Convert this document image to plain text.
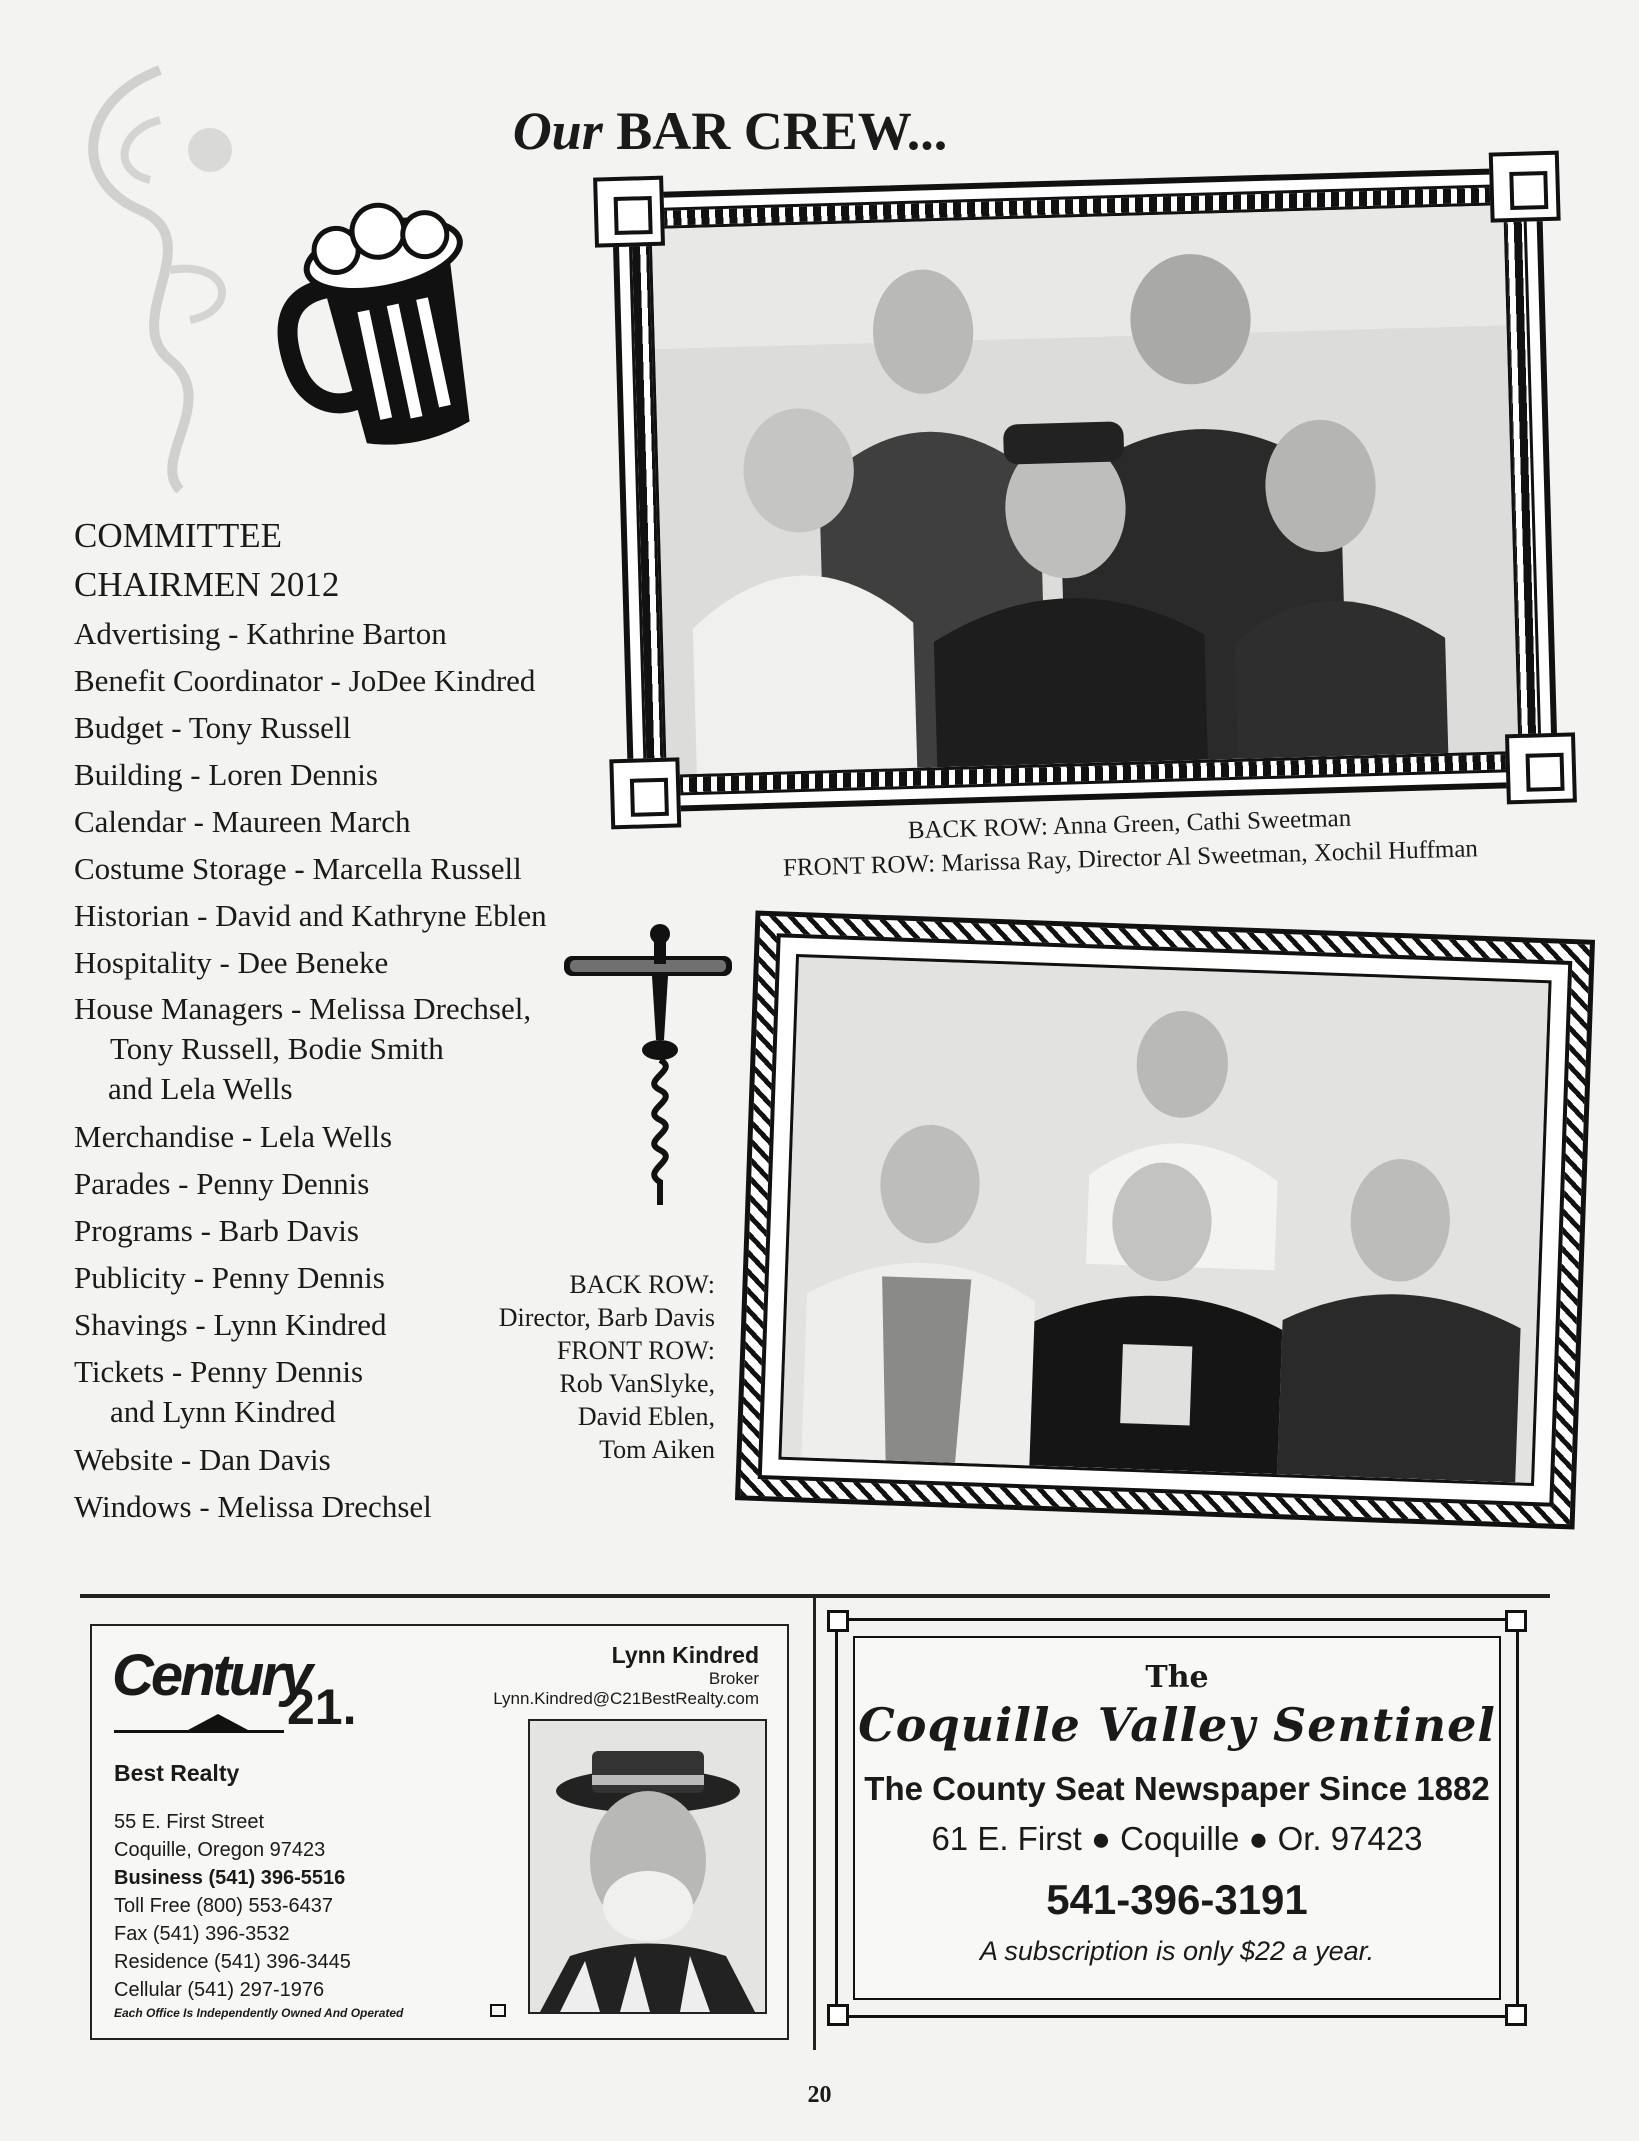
Our BAR CREW...
COMMITTEE
CHAIRMEN 2012
Advertising - Kathrine Barton
Benefit Coordinator - JoDee Kindred
Budget - Tony Russell
Building - Loren Dennis
Calendar - Maureen March
Costume Storage - Marcella Russell
Historian - David and Kathryne Eblen
Hospitality - Dee Beneke
House Managers - Melissa Drechsel,
Tony Russell, Bodie Smith
and Lela Wells
Merchandise - Lela Wells
Parades - Penny Dennis
Programs - Barb Davis
Publicity - Penny Dennis
Shavings - Lynn Kindred
Tickets - Penny Dennis
and Lynn Kindred
Website - Dan Davis
Windows - Melissa Drechsel
BACK ROW: Anna Green, Cathi Sweetman
FRONT ROW: Marissa Ray, Director Al Sweetman, Xochil Huffman
BACK ROW:
Director, Barb Davis
FRONT ROW:
Rob VanSlyke,
David Eblen,
Tom Aiken
Century
21.
Best Realty
55 E. First Street
Coquille, Oregon 97423
Business (541) 396-5516
Toll Free (800) 553-6437
Fax (541) 396-3532
Residence (541) 396-3445
Cellular (541) 297-1976
Each Office Is Independently Owned And Operated
Lynn Kindred
Broker
Lynn.Kindred@C21BestRealty.com
The
Coquille Valley Sentinel
The County Seat Newspaper Since 1882
61 E. First ● Coquille ● Or. 97423
541-396-3191
A subscription is only $22 a year.
20
